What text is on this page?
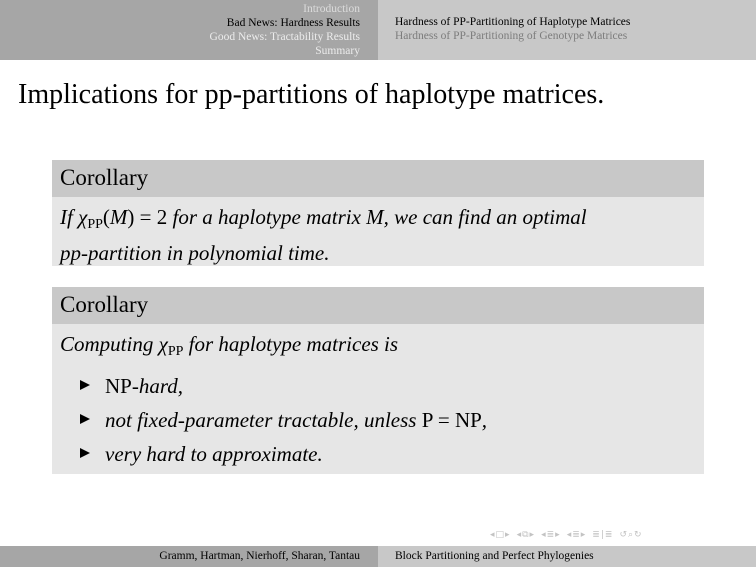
Introduction
Bad News: Hardness Results
Good News: Tractability Results
Summary
Hardness of PP-Partitioning of Haplotype Matrices
Hardness of PP-Partitioning of Genotype Matrices
Implications for pp-partitions of haplotype matrices.
Corollary
If $\chi_{PP}(M) = 2$ for a haplotype matrix M, we can find an optimal
pp-partition in polynomial time.
Corollary
Computing $\chi_{PP}$ for haplotype matrices is
NP-hard,
not fixed-parameter tractable, unless P = NP,
very hard to approximate.
◂ □ ▸ ◂ ⧉ ▸ ◂ ≣ ▸ ◂ ≣ ▸ ≣ | ≣ ↺ ⌕ ↻
Gramm, Hartman, Nierhoff, Sharan, Tantau	Block Partitioning and Perfect Phylogenies
